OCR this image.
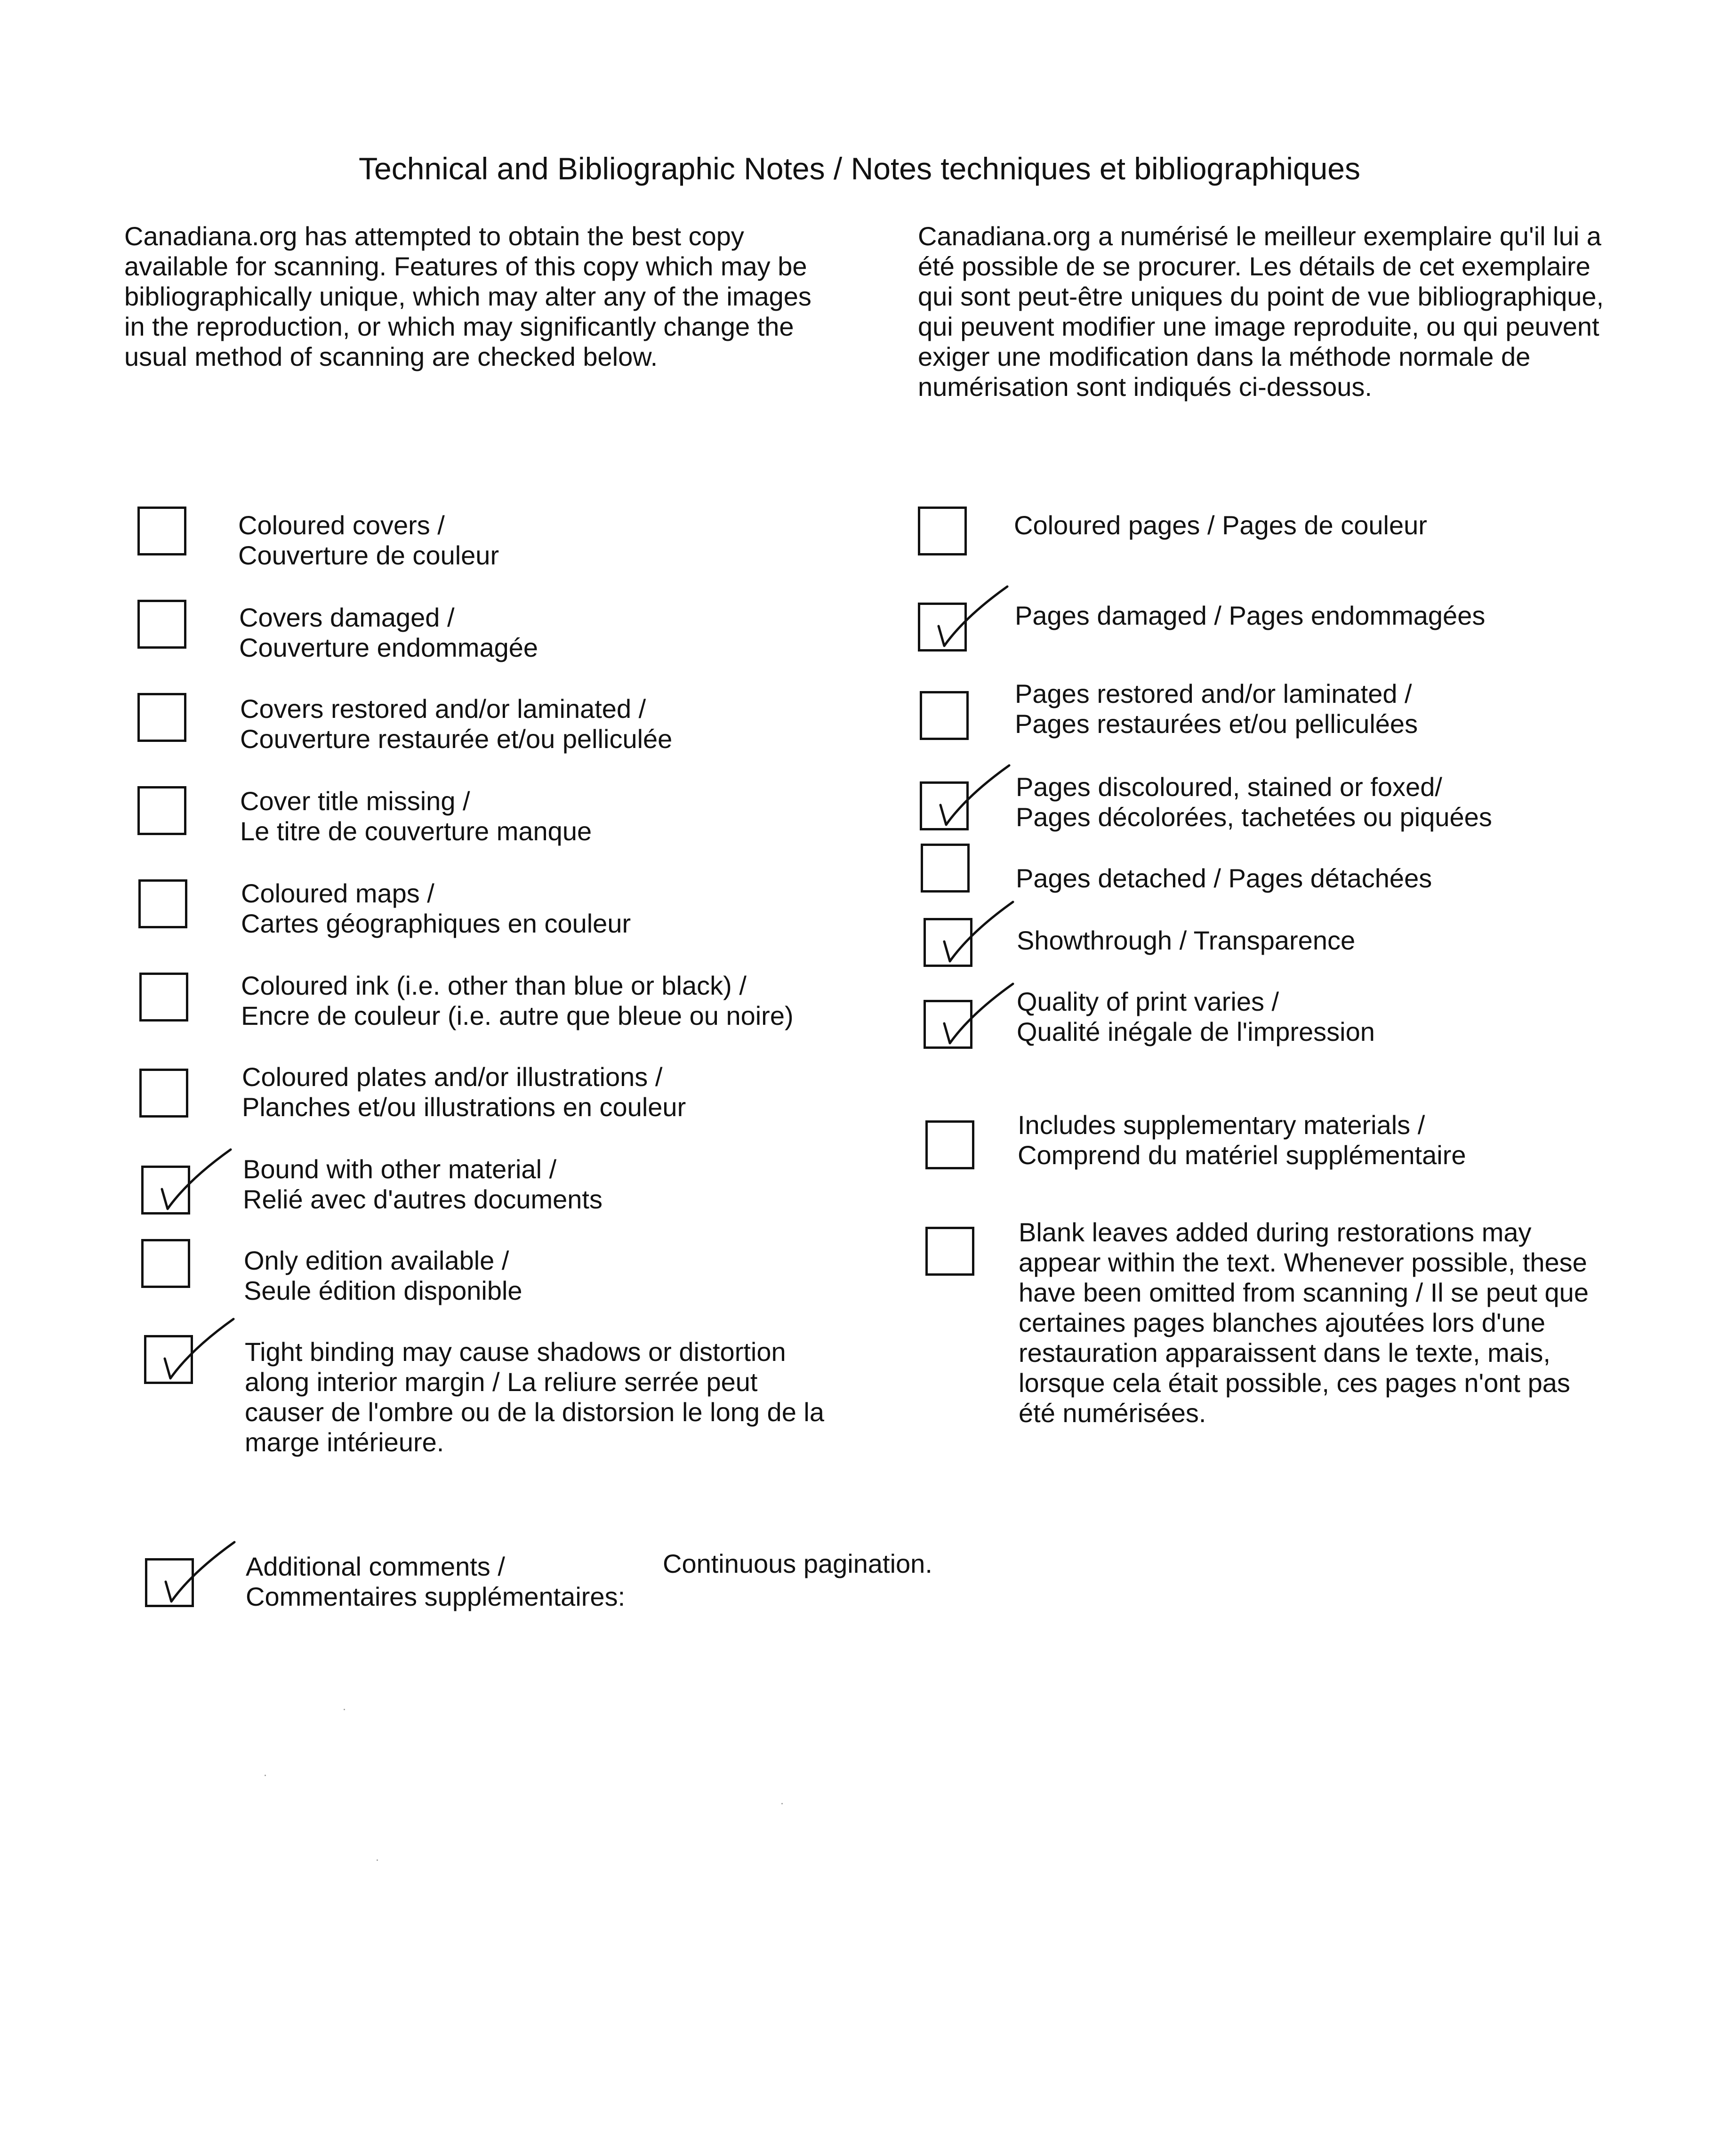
Technical and Bibliographic Notes / Notes techniques et bibliographiques
Canadiana.org has attempted to obtain the best copy
available for scanning. Features of this copy which may be
bibliographically unique, which may alter any of the images
in the reproduction, or which may significantly change the
usual method of scanning are checked below.
Canadiana.org a numérisé le meilleur exemplaire qu'il lui a
été possible de se procurer. Les détails de cet exemplaire
qui sont peut-être uniques du point de vue bibliographique,
qui peuvent modifier une image reproduite, ou qui peuvent
exiger une modification dans la méthode normale de
numérisation sont indiqués ci-dessous.
Coloured covers /
Couverture de couleur
Covers damaged /
Couverture endommagée
Covers restored and/or laminated /
Couverture restaurée et/ou pelliculée
Cover title missing /
Le titre de couverture manque
Coloured maps /
Cartes géographiques en couleur
Coloured ink (i.e. other than blue or black) /
Encre de couleur (i.e. autre que bleue ou noire)
Coloured plates and/or illustrations /
Planches et/ou illustrations en couleur
Bound with other material /
Relié avec d'autres documents
Only edition available /
Seule édition disponible
Tight binding may cause shadows or distortion
along interior margin / La reliure serrée peut
causer de l'ombre ou de la distorsion le long de la
marge intérieure.
Coloured pages / Pages de couleur
Pages damaged / Pages endommagées
Pages restored and/or laminated /
Pages restaurées et/ou pelliculées
Pages discoloured, stained or foxed/
Pages décolorées, tachetées ou piquées
Pages detached / Pages détachées
Showthrough / Transparence
Quality of print varies /
Qualité inégale de l'impression
Includes supplementary materials /
Comprend du matériel supplémentaire
Blank leaves added during restorations may
appear within the text. Whenever possible, these
have been omitted from scanning / Il se peut que
certaines pages blanches ajoutées lors d'une
restauration apparaissent dans le texte, mais,
lorsque cela était possible, ces pages n'ont pas
été numérisées.
Additional comments /
Commentaires supplémentaires:
Continuous pagination.
